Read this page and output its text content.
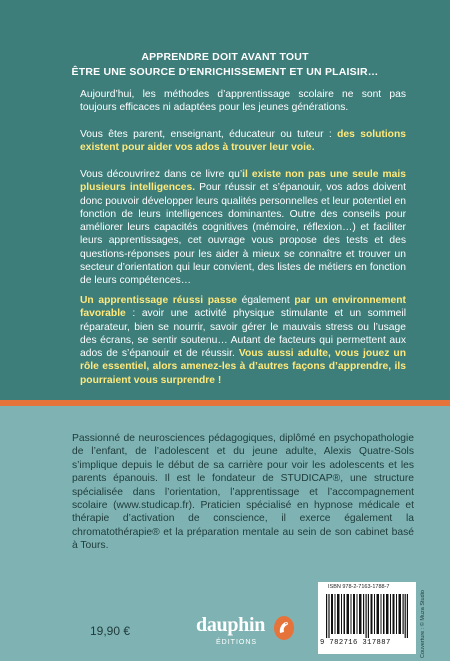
APPRENDRE DOIT AVANT TOUT
ÊTRE UNE SOURCE D’ENRICHISSEMENT ET UN PLAISIR…

Aujourd’hui, les méthodes d’apprentissage scolaire ne sont pas toujours efficaces ni adaptées pour les jeunes générations.

Vous êtes parent, enseignant, éducateur ou tuteur : des solutions existent pour aider vos ados à trouver leur voie.

Vous découvrirez dans ce livre qu’il existe non pas une seule mais plusieurs intelligences. Pour réussir et s’épanouir, vos ados doivent donc pouvoir développer leurs qualités personnelles et leur potentiel en fonction de leurs intelligences dominantes. Outre des conseils pour améliorer leurs capacités cognitives (mémoire, réflexion…) et faciliter leurs apprentissages, cet ouvrage vous propose des tests et des questions-réponses pour les aider à mieux se connaître et trouver un secteur d’orientation qui leur convient, des listes de métiers en fonction de leurs compétences…

Un apprentissage réussi passe également par un environnement favorable : avoir une activité physique stimulante et un sommeil réparateur, bien se nourrir, savoir gérer le mauvais stress ou l’usage des écrans, se sentir soutenu… Autant de facteurs qui permettent aux ados de s’épanouir et de réussir. Vous aussi adulte, vous jouez un rôle essentiel, alors amenez-les à d’autres façons d’apprendre, ils pourraient vous surprendre !

Passionné de neurosciences pédagogiques, diplômé en psychopathologie de l’enfant, de l’adolescent et du jeune adulte, Alexis Quatre-Sols s’implique depuis le début de sa carrière pour voir les adolescents et les parents épanouis. Il est le fondateur de STUDICAP®, une structure spécialisée dans l’orientation, l’apprentissage et l’accompagnement scolaire (www.studicap.fr). Praticien spécialisé en hypnose médicale et thérapie d’activation de conscience, il exerce également la chromatothérapie® et la préparation mentale au sein de son cabinet basé à Tours.

19,90 €	dauphin
ÉDITIONS
ISBN 978-2-7163-1788-7
9 782716 317887	Couverture : © Muza Studio
